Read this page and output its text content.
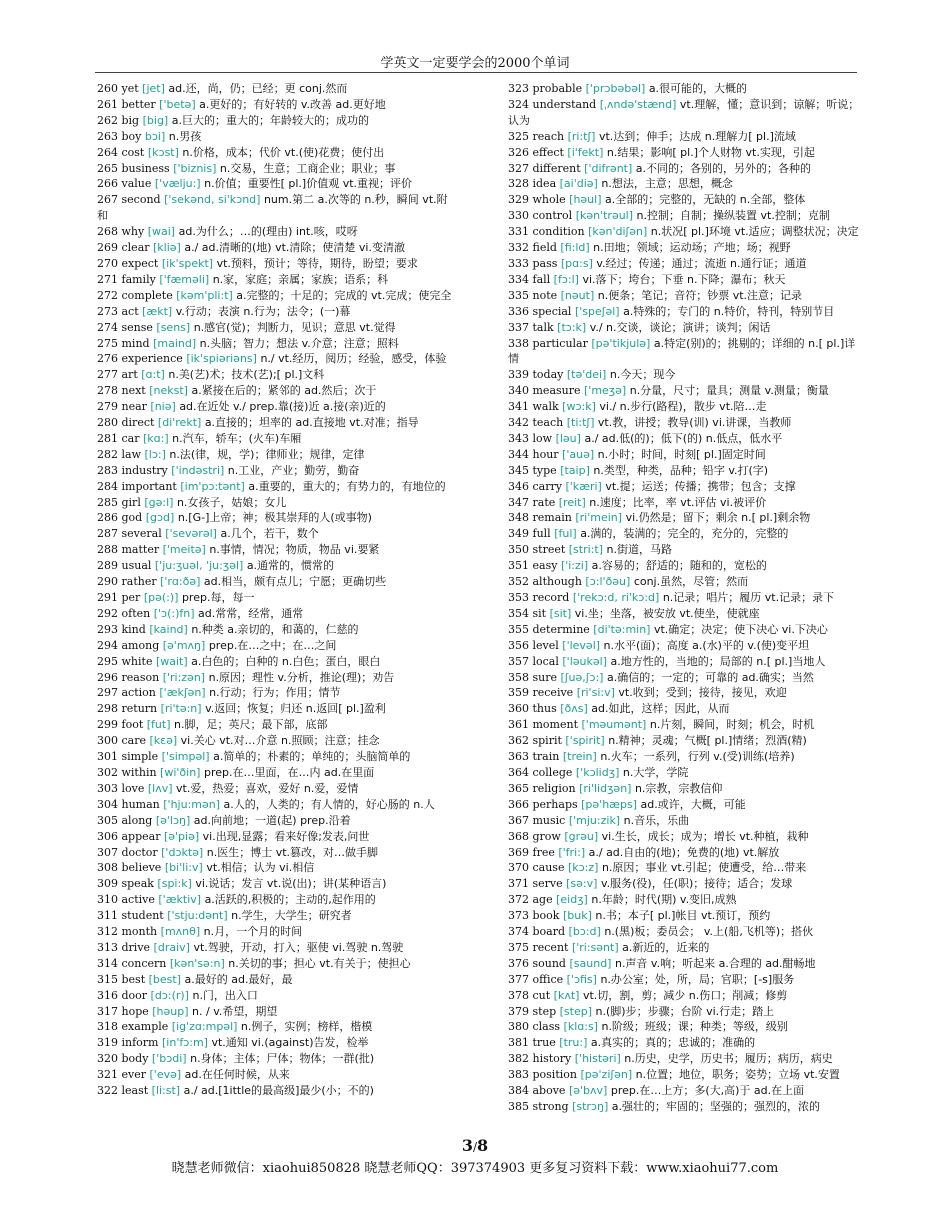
学英文一定要学会的2000个单词
260 yet [jet] ad.还，尚，仍；已经；更 conj.然而
261 better ['betə] a.更好的；有好转的 v.改善 ad.更好地
262 big [big] a.巨大的；重大的；年龄较大的；成功的
263 boy bɔi] n.男孩
264 cost [kɔst] n.价格，成本；代价 vt.(使)花费；使付出
265 business ['biznis] n.交易，生意；工商企业；职业；事
266 value ['vælju:] n.价值；重要性[ pl.]价值观 vt.重视；评价
267 second ['sekənd, si'kɔnd] num.第二 a.次等的 n.秒，瞬间 vt.附和
268 why [wai] ad.为什么；…的(理由) int.咳，哎呀
269 clear [kliə] a./ ad.清晰的(地) vt.清除；使清楚 vi.变清澈
270 expect [ik'spekt] vt.预料，预计；等待，期待，盼望；要求
271 family ['fæməli] n.家，家庭；亲属；家族；语系；科
272 complete [kəm'pli:t] a.完整的；十足的；完成的 vt.完成；使完全
273 act [ækt] v.行动；表演 n.行为；法令；(一)幕
274 sense [sens] n.感官(觉)；判断力，见识；意思 vt.觉得
275 mind [maind] n.头脑；智力；想法 v.介意；注意；照料
276 experience [ik'spiəriəns] n./ vt.经历，阅历；经验，感受，体验
277 art [ɑ:t] n.美(艺)术；技术(艺);[ pl.]文科
278 next [nekst] a.紧接在后的；紧邻的 ad.然后；次于
279 near [niə] ad.在近处 v./ prep.靠(接)近 a.接(亲)近的
280 direct [di'rekt] a.直接的；坦率的 ad.直接地 vt.对准；指导
281 car [kɑ:] n.汽车，轿车；(火车)车厢
282 law [lɔ:] n.法(律，规，学)；律师业；规律，定律
283 industry ['indəstri] n.工业，产业；勤劳，勤奋
284 important [im'pɔ:tənt] a.重要的，重大的；有势力的，有地位的
285 girl [gə:l] n.女孩子，姑娘；女儿
286 god [gɔd] n.[G-]上帝；神；极其崇拜的人(或事物)
287 several ['sevərəl] a.几个，若干，数个
288 matter ['meitə] n.事情，情况；物质，物品 vi.要紧
289 usual ['ju:ʒuəl, 'ju:ʒəl] a.通常的，惯常的
290 rather ['rɑ:ðə] ad.相当，颇有点儿；宁愿；更确切些
291 per [pə(:)] prep.每，每一
292 often ['ɔ(:)fn] ad.常常，经常，通常
293 kind [kaind] n.种类 a.亲切的，和蔼的，仁慈的
294 among [ə'mʌŋ] prep.在…之中；在…之间
295 white [wait] a.白色的；白种的 n.白色；蛋白，眼白
296 reason ['ri:zən] n.原因；理性 v.分析，推论(理)；劝告
297 action ['ækʃən] n.行动；行为；作用；情节
298 return [ri'tə:n] v.返回；恢复；归还 n.返回[ pl.]盈利
299 foot [fut] n.脚，足；英尺；最下部，底部
300 care [kɛə] vi.关心 vt.对…介意 n.照顾；注意；挂念
301 simple ['simpəl] a.简单的；朴素的；单纯的；头脑简单的
302 within [wi'ðin] prep.在…里面，在…内 ad.在里面
303 love [lʌv] vt.爱，热爱；喜欢，爱好 n.爱，爱情
304 human ['hju:mən] a.人的，人类的；有人情的，好心肠的 n.人
305 along [ə'lɔŋ] ad.向前地；一道(起) prep.沿着
306 appear [ə'piə] vi.出现,显露；看来好像;发表,问世
307 doctor ['dɔktə] n.医生；博士 vt.篡改，对…做手脚
308 believe [bi'li:v] vt.相信；认为 vi.相信
309 speak [spi:k] vi.说话；发言 vt.说(出)；讲(某种语言)
310 active ['æktiv] a.活跃的,积极的；主动的,起作用的
311 student ['stju:dənt] n.学生，大学生；研究者
312 month [mʌnθ] n.月，一个月的时间
313 drive [draiv] vt.驾驶，开动，打入；驱使 vi.驾驶 n.驾驶
314 concern [kən'sə:n] n.关切的事；担心 vt.有关于；使担心
315 best [best] a.最好的 ad.最好，最
316 door [dɔ:(r)] n.门，出入口
317 hope [həup] n. / v.希望，期望
318 example [ig'zɑ:mpəl] n.例子，实例；榜样，楷模
319 inform [in'fɔ:m] vt.通知 vi.(against)告发，检举
320 body ['bɔdi] n.身体；主体；尸体；物体；一群(批)
321 ever ['evə] ad.在任何时候，从来
322 least [li:st] a./ ad.[1ittle的最高级]最少(小；不的)
323 probable ['prɔbəbəl] a.很可能的，大概的
324 understand [ˌʌndə'stænd] vt.理解，懂；意识到；谅解；听说；认为
325 reach [ri:tʃ] vt.达到；伸手；达成 n.理解力[ pl.]流域
326 effect [i'fekt] n.结果；影响[ pl.]个人财物 vt.实现，引起
327 different ['difrənt] a.不同的；各别的，另外的；各种的
328 idea [ai'diə] n.想法，主意；思想，概念
329 whole [həul] a.全部的；完整的，无缺的 n.全部，整体
330 control [kən'trəul] n.控制；自制；操纵装置 vt.控制；克制
331 condition [kən'diʃən] n.状况[ pl.]环境 vt.适应；调整状况；决定
332 field [fi:ld] n.田地；领域；运动场；产地；场；视野
333 pass [pɑ:s] v.经过；传递；通过；流逝 n.通行证；通道
334 fall [fɔ:l] vi.落下；垮台；下垂 n.下降；瀑布；秋天
335 note [nəut] n.便条；笔记；音符；钞票 vt.注意；记录
336 special ['speʃəl] a.特殊的；专门的 n.特价，特刊，特别节目
337 talk [tɔ:k] v./ n.交谈，谈论；演讲；谈判；闲话
338 particular [pə'tikjulə] a.特定(别)的；挑剔的；详细的 n.[ pl.]详情
339 today [tə'dei] n.今天；现今
340 measure ['meʒə] n.分量，尺寸；量具；测量 v.测量；衡量
341 walk [wɔ:k] vi./ n.步行(路程)，散步 vt.陪…走
342 teach [ti:tʃ] vt.教，讲授；教导(训) vi.讲课，当教师
343 low [ləu] a./ ad.低(的)；低下(的) n.低点，低水平
344 hour ['auə] n.小时；时间，时刻[ pl.]固定时间
345 type [taip] n.类型，种类，品种；铅字 v.打(字)
346 carry ['kæri] vt.提；运送；传播；携带；包含；支撑
347 rate [reit] n.速度；比率，率 vt.评估 vi.被评价
348 remain [ri'mein] vi.仍然是；留下；剩余 n.[ pl.]剩余物
349 full [ful] a.满的，装满的；完全的，充分的，完整的
350 street [stri:t] n.街道，马路
351 easy ['i:zi] a.容易的；舒适的；随和的，宽松的
352 although [ɔ:l'ðəu] conj.虽然，尽管；然而
353 record ['rekɔ:d, ri'kɔ:d] n.记录；唱片；履历 vt.记录；录下
354 sit [sit] vi.坐；坐落，被安放 vt.使坐，使就座
355 determine [di'tə:min] vt.确定；决定；使下决心 vi.下决心
356 level ['levəl] n.水平(面)；高度 a.(水)平的 v.(使)变平坦
357 local ['ləukəl] a.地方性的，当地的；局部的 n.[ pl.]当地人
358 sure [ʃuə,ʃɔ:] a.确信的；一定的；可靠的 ad.确实；当然
359 receive [ri'si:v] vt.收到；受到；接待，接见，欢迎
360 thus [ðʌs] ad.如此，这样；因此，从而
361 moment ['məumənt] n.片刻，瞬间，时刻；机会，时机
362 spirit ['spirit] n.精神；灵魂；气概[ pl.]情绪；烈酒(精)
363 train [trein] n.火车；一系列，行列 v.(受)训练(培养)
364 college ['kɔlidʒ] n.大学，学院
365 religion [ri'lidʒən] n.宗教，宗教信仰
366 perhaps [pə'hæps] ad.或许，大概，可能
367 music ['mju:zik] n.音乐，乐曲
368 grow [grəu] vi.生长，成长；成为；增长 vt.种植，栽种
369 free ['fri:] a./ ad.自由的(地)；免费的(地) vt.解放
370 cause [kɔ:z] n.原因；事业 vt.引起；使遭受，给…带来
371 serve [sə:v] v.服务(役)，任(职)；接待；适合；发球
372 age [eidʒ] n.年龄；时代(期) v.变旧,成熟
373 book [buk] n.书；本子[ pl.]帐目 vt.预订，预约
374 board [bɔ:d] n.(黑)板；委员会； v.上(船,飞机等)；搭伙
375 recent ['ri:sənt] a.新近的，近来的
376 sound [saund] n.声音 v.响；听起来 a.合理的 ad.酣畅地
377 office ['ɔfis] n.办公室；处，所，局；官职；[-s]服务
378 cut [kʌt] vt.切，割，剪；减少 n.伤口；削减；修剪
379 step [step] n.(脚)步；步骤；台阶 vi.行走；踏上
380 class [klɑ:s] n.阶级；班级；课；种类；等级，级别
381 true [tru:] a.真实的；真的；忠诚的；准确的
382 history ['histəri] n.历史，史学，历史书；履历；病历，病史
383 position [pə'ziʃən] n.位置；地位，职务；姿势；立场 vt.安置
384 above [ə'bʌv] prep.在…上方；多(大,高)于 ad.在上面
385 strong [strɔŋ] a.强壮的；牢固的；坚强的；强烈的，浓的
3/8
晓慧老师微信：xiaohui850828 晓慧老师QQ：397374903 更多复习资料下载：www.xiaohui77.com
